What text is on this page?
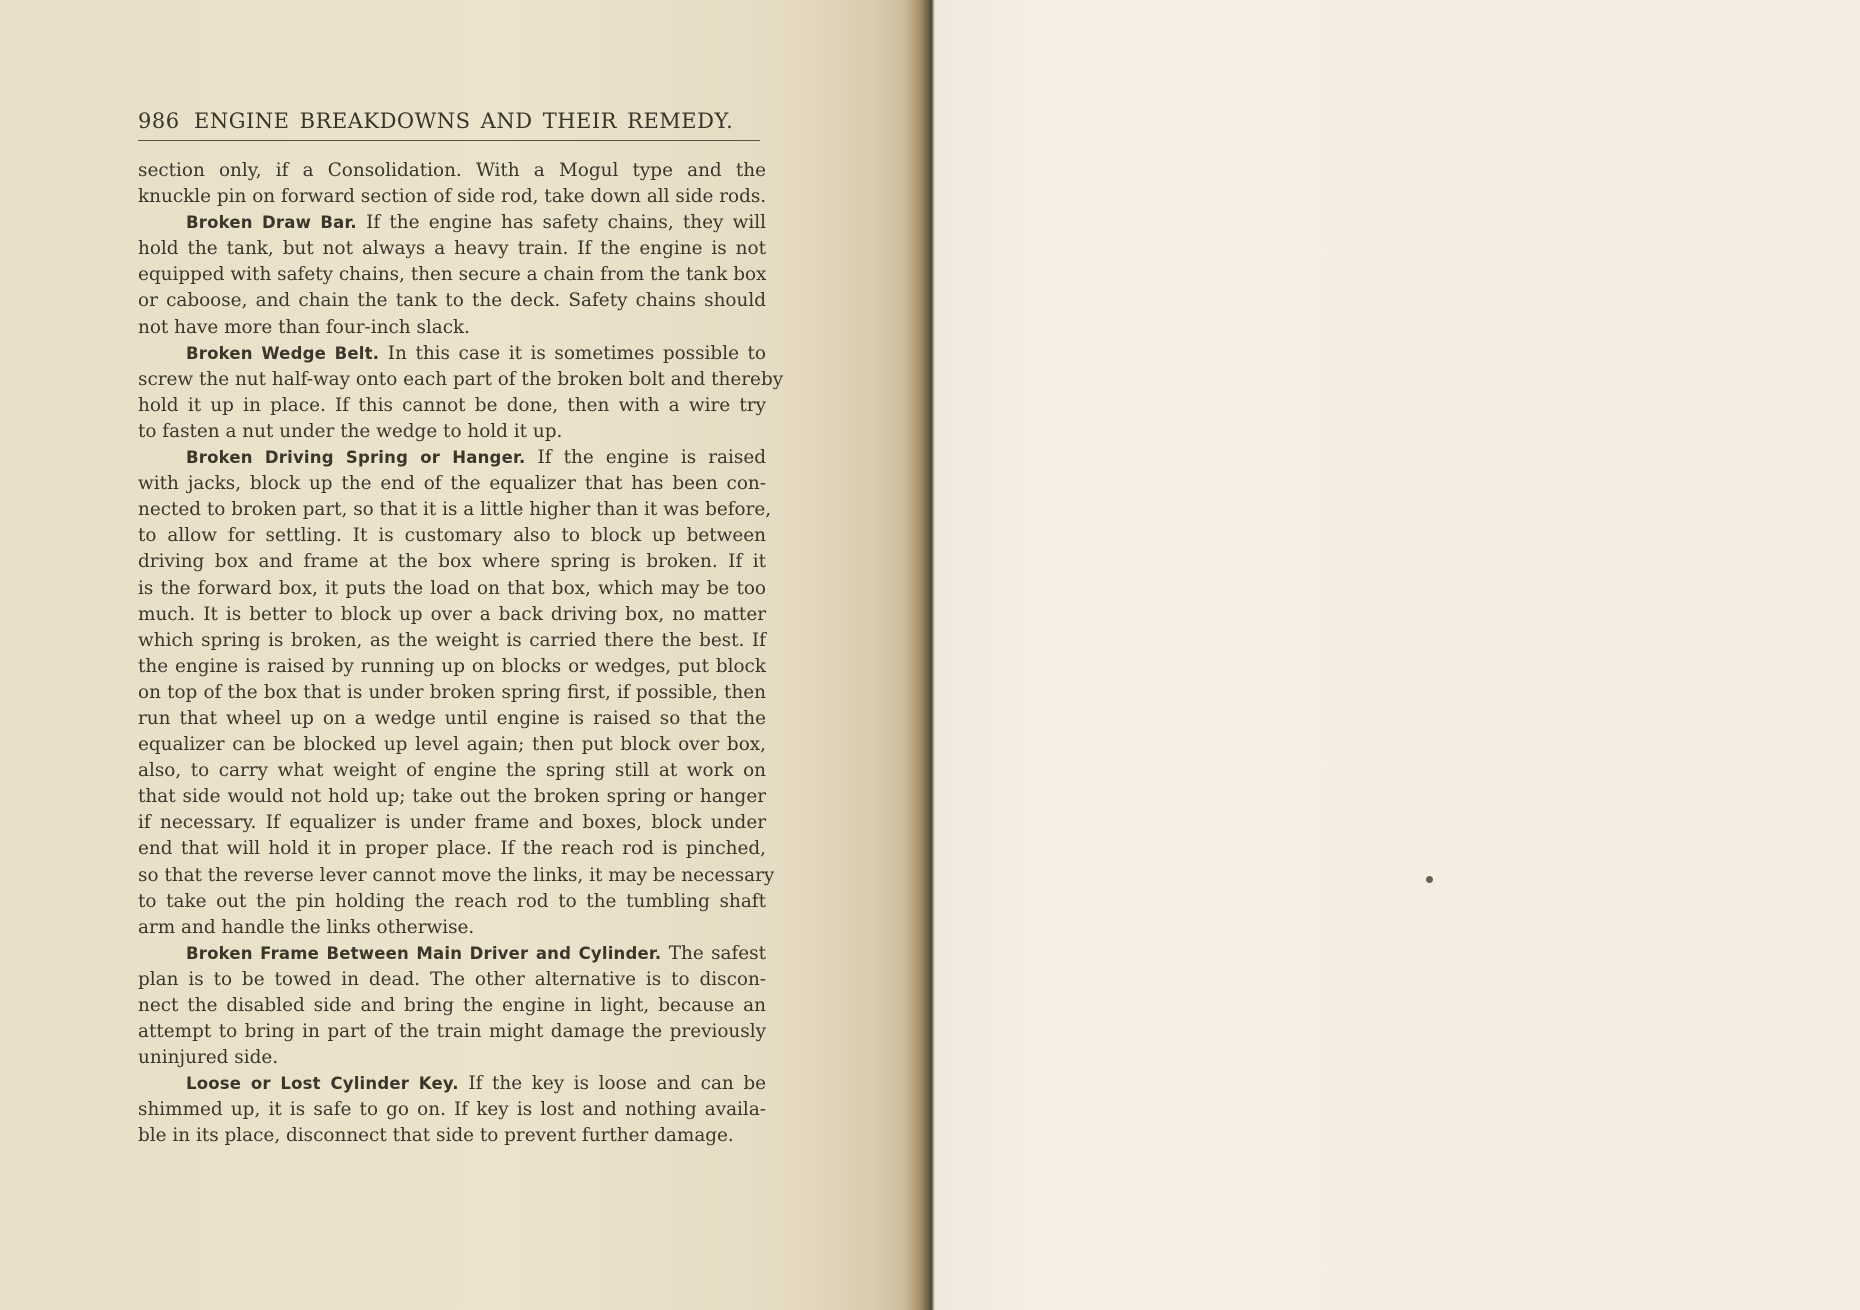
986 ENGINE BREAKDOWNS AND THEIR REMEDY.
section only, if a Consolidation. With a Mogul type and the
knuckle pin on forward section of side rod, take down all side rods.
Broken Draw Bar. If the engine has safety chains, they will
hold the tank, but not always a heavy train. If the engine is not
equipped with safety chains, then secure a chain from the tank box
or caboose, and chain the tank to the deck. Safety chains should
not have more than four-inch slack.
Broken Wedge Belt. In this case it is sometimes possible to
screw the nut half-way onto each part of the broken bolt and thereby
hold it up in place. If this cannot be done, then with a wire try
to fasten a nut under the wedge to hold it up.
Broken Driving Spring or Hanger. If the engine is raised
with jacks, block up the end of the equalizer that has been con-
nected to broken part, so that it is a little higher than it was before,
to allow for settling. It is customary also to block up between
driving box and frame at the box where spring is broken. If it
is the forward box, it puts the load on that box, which may be too
much. It is better to block up over a back driving box, no matter
which spring is broken, as the weight is carried there the best. If
the engine is raised by running up on blocks or wedges, put block
on top of the box that is under broken spring first, if possible, then
run that wheel up on a wedge until engine is raised so that the
equalizer can be blocked up level again; then put block over box,
also, to carry what weight of engine the spring still at work on
that side would not hold up; take out the broken spring or hanger
if necessary. If equalizer is under frame and boxes, block under
end that will hold it in proper place. If the reach rod is pinched,
so that the reverse lever cannot move the links, it may be necessary
to take out the pin holding the reach rod to the tumbling shaft
arm and handle the links otherwise.
Broken Frame Between Main Driver and Cylinder. The safest
plan is to be towed in dead. The other alternative is to discon-
nect the disabled side and bring the engine in light, because an
attempt to bring in part of the train might damage the previously
uninjured side.
Loose or Lost Cylinder Key. If the key is loose and can be
shimmed up, it is safe to go on. If key is lost and nothing availa-
ble in its place, disconnect that side to prevent further damage.
